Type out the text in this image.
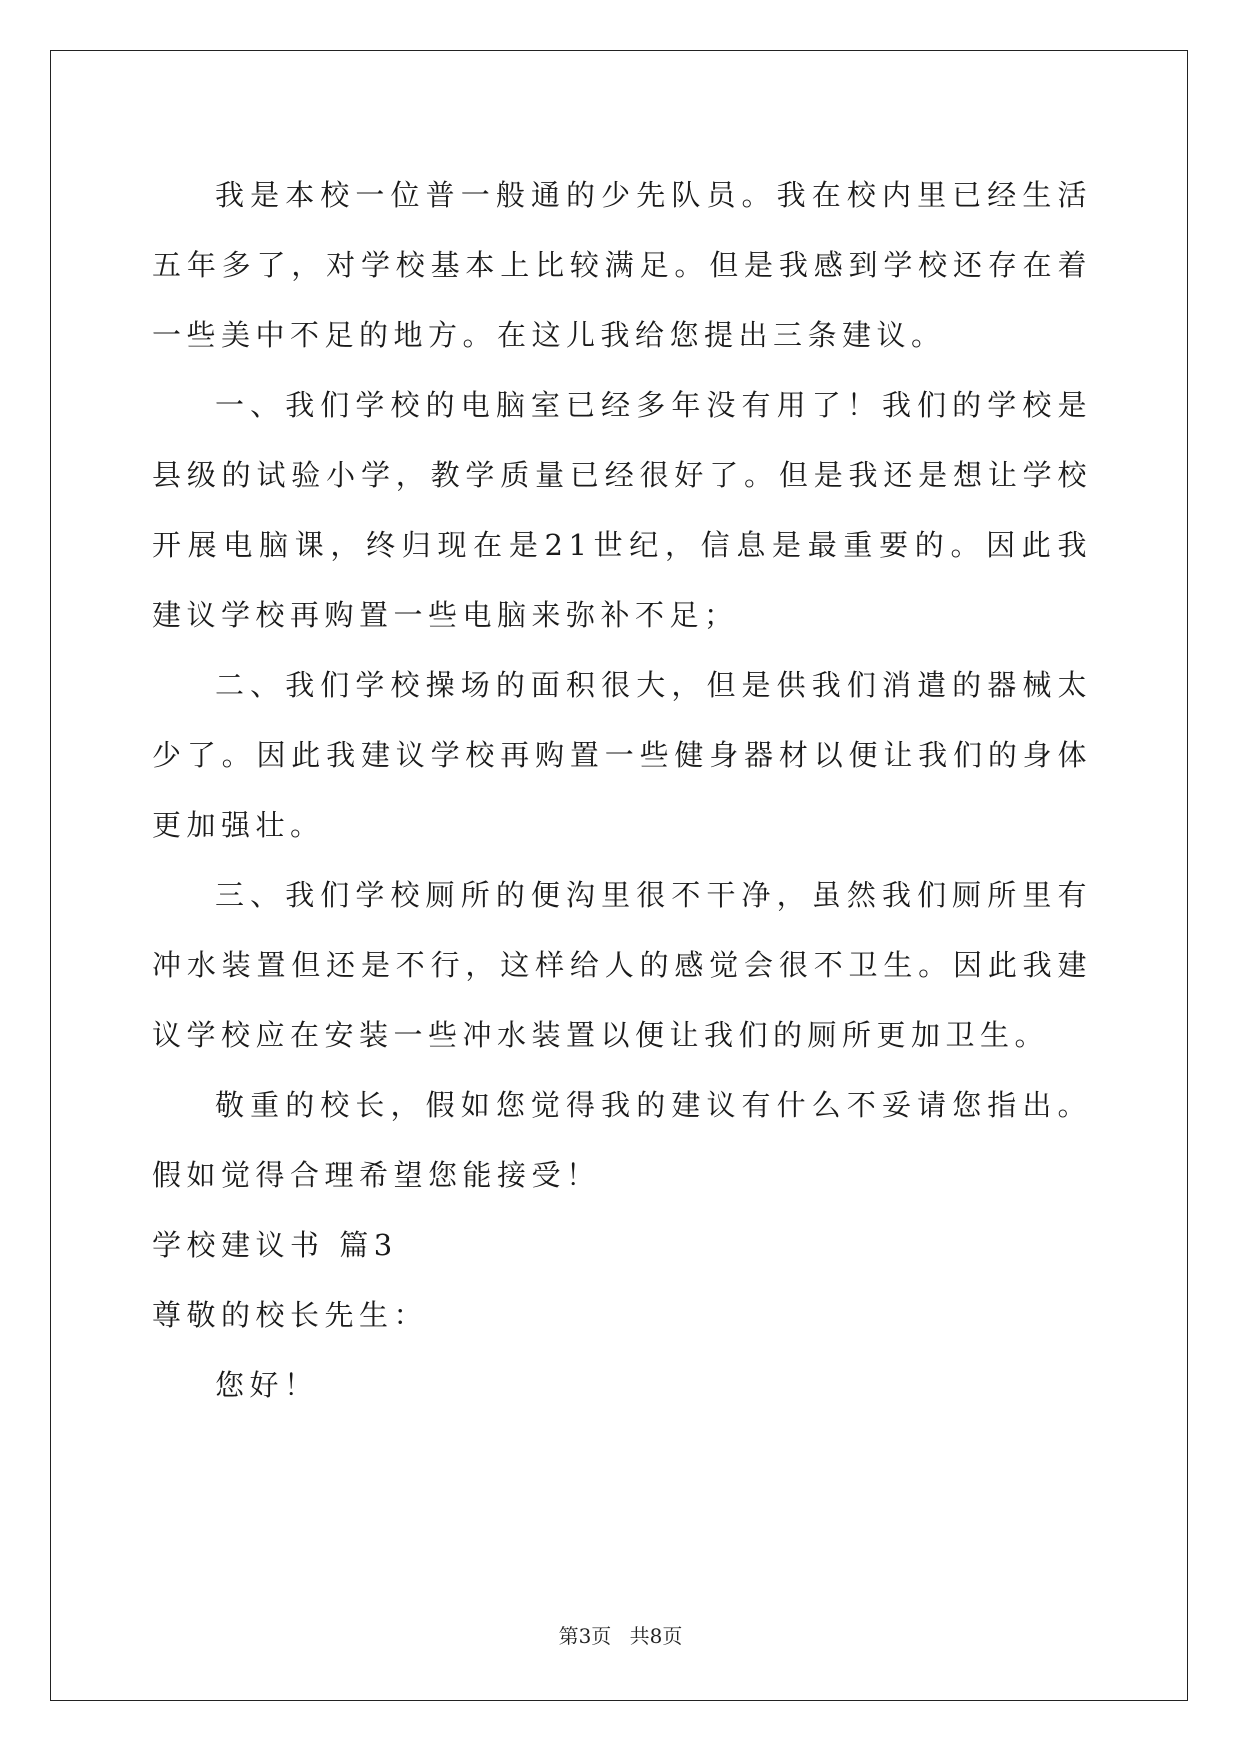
我是本校一位普一般通的少先队员。我在校内里已经生活五年多了，对学校基本上比较满足。但是我感到学校还存在着一些美中不足的地方。在这儿我给您提出三条建议。

一、我们学校的电脑室已经多年没有用了！我们的学校是县级的试验小学，教学质量已经很好了。但是我还是想让学校开展电脑课，终归现在是21世纪，信息是最重要的。因此我建议学校再购置一些电脑来弥补不足；

二、我们学校操场的面积很大，但是供我们消遣的器械太少了。因此我建议学校再购置一些健身器材以便让我们的身体更加强壮。

三、我们学校厕所的便沟里很不干净，虽然我们厕所里有冲水装置但还是不行，这样给人的感觉会很不卫生。因此我建议学校应在安装一些冲水装置以便让我们的厕所更加卫生。

敬重的校长，假如您觉得我的建议有什么不妥请您指出。假如觉得合理希望您能接受！

学校建议书 篇3

尊敬的校长先生：

您好！

第3页 共8页
